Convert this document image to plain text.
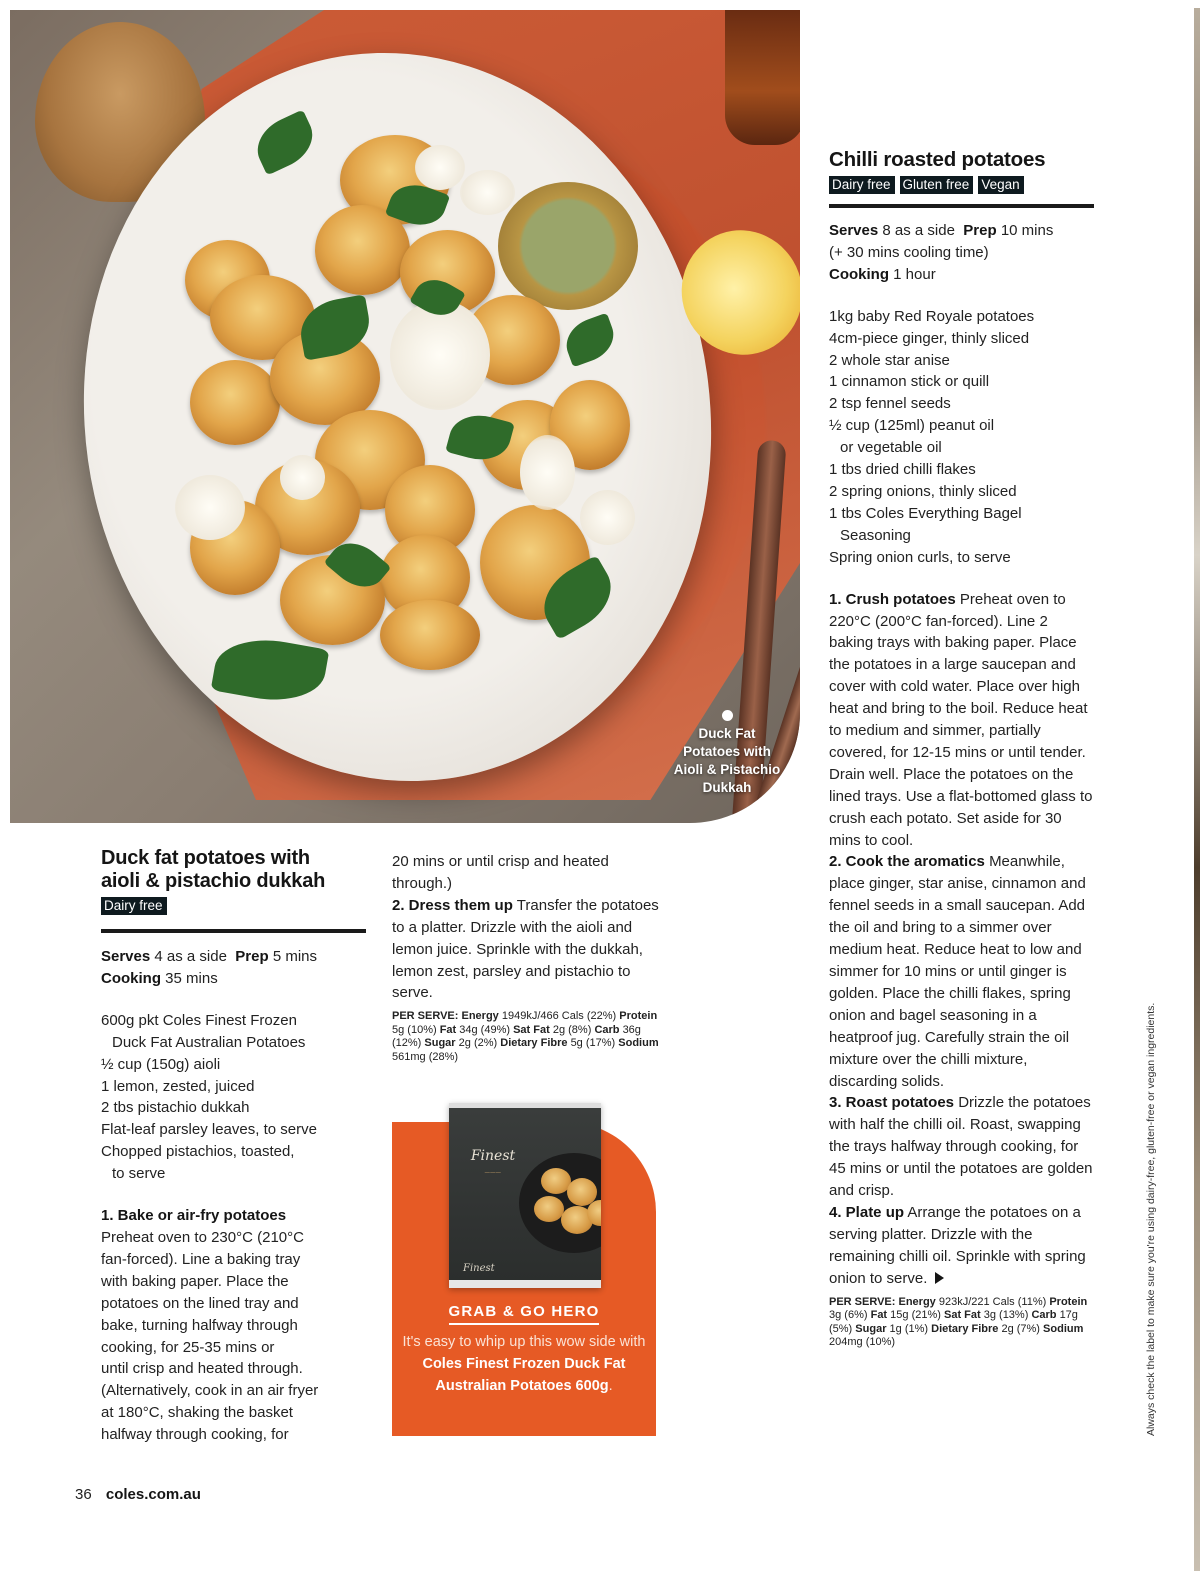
Duck Fat
Potatoes with
Aioli & Pistachio
Dukkah
Chilli roasted potatoes
Dairy free Gluten free Vegan
Serves 8 as a side Prep 10 mins
(+ 30 mins cooling time)
Cooking 1 hour
1kg baby Red Royale potatoes
4cm-piece ginger, thinly sliced
2 whole star anise
1 cinnamon stick or quill
2 tsp fennel seeds
½ cup (125ml) peanut oil
or vegetable oil
1 tbs dried chilli flakes
2 spring onions, thinly sliced
1 tbs Coles Everything Bagel
Seasoning
Spring onion curls, to serve

1. Crush potatoes Preheat oven to 220°C (200°C fan-forced). Line 2 baking trays with baking paper. Place the potatoes in a large saucepan and cover with cold water. Place over high heat and bring to the boil. Reduce heat to medium and simmer, partially covered, for 12-15 mins or until tender. Drain well. Place the potatoes on the lined trays. Use a flat-bottomed glass to crush each potato. Set aside for 30 mins to cool.

2. Cook the aromatics Meanwhile, place ginger, star anise, cinnamon and fennel seeds in a small saucepan. Add the oil and bring to a simmer over medium heat. Reduce heat to low and simmer for 10 mins or until ginger is golden. Place the chilli flakes, spring onion and bagel seasoning in a heatproof jug. Carefully strain the oil mixture over the chilli mixture, discarding solids.

3. Roast potatoes Drizzle the potatoes with half the chilli oil. Roast, swapping the trays halfway through cooking, for 45 mins or until the potatoes are golden and crisp.

4. Plate up Arrange the potatoes on a serving platter. Drizzle with the remaining chilli oil. Sprinkle with spring onion to serve.

PER SERVE: Energy 923kJ/221 Cals (11%) Protein 3g (6%) Fat 15g (21%) Sat Fat 3g (13%) Carb 17g (5%) Sugar 1g (1%) Dietary Fibre 2g (7%) Sodium 204mg (10%)
Duck fat potatoes with
aioli & pistachio dukkah
Dairy free
Serves 4 as a side Prep 5 mins
Cooking 35 mins
600g pkt Coles Finest Frozen
Duck Fat Australian Potatoes
½ cup (150g) aioli
1 lemon, zested, juiced
2 tbs pistachio dukkah
Flat-leaf parsley leaves, to serve
Chopped pistachios, toasted,
to serve
1. Bake or air-fry potatoes
Preheat oven to 230°C (210°C
fan-forced). Line a baking tray
with baking paper. Place the
potatoes on the lined tray and
bake, turning halfway through
cooking, for 25-35 mins or
until crisp and heated through.
(Alternatively, cook in an air fryer
at 180°C, shaking the basket
halfway through cooking, for

20 mins or until crisp and heated through.)

2. Dress them up Transfer the potatoes to a platter. Drizzle with the aioli and lemon juice. Sprinkle with the dukkah, lemon zest, parsley and pistachio to serve.

PER SERVE: Energy 1949kJ/466 Cals (22%) Protein 5g (10%) Fat 34g (49%) Sat Fat 2g (8%) Carb 36g (12%) Sugar 2g (2%) Dietary Fibre 5g (17%) Sodium 561mg (28%)
Finest
———
Finest
GRAB & GO HERO
It's easy to whip up this wow side with Coles Finest Frozen Duck Fat Australian Potatoes 600g.
36 coles.com.au
Always check the label to make sure you're using dairy-free, gluten-free or vegan ingredients.
